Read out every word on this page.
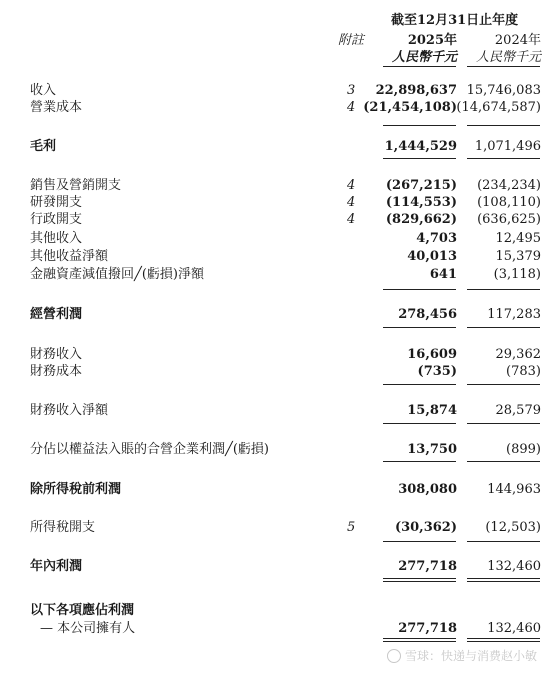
截至12月31日止年度
附註	2025年	2024年
人民幣千元 人民幣千元
收入	3 22,898,637 15,746,083
營業成本	4 (21,454,108) (14,674,587)
毛利	1,444,529 1,071,496
銷售及營銷開支	4 (267,215) (234,234)
研發開支	4 (114,553) (108,110)
行政開支	4 (829,662) (636,625)
其他收入	4,703	12,495
其他收益淨額	40,013	15,379
金融資產減值撥回╱(虧損)淨額	641	(3,118)
經營利潤	278,456 117,283
財務收入	16,609	29,362
財務成本	(735)	(783)
財務收入淨額	15,874	28,579
分佔以權益法入賬的合營企業利潤╱(虧損)	13,750	(899)
除所得稅前利潤	308,080 144,963
所得稅開支	5	(30,362) (12,503)
年內利潤	277,718 132,460
以下各項應佔利潤
— 本公司擁有人	277,718 132,460
雪球：快递与消费赵小敏
